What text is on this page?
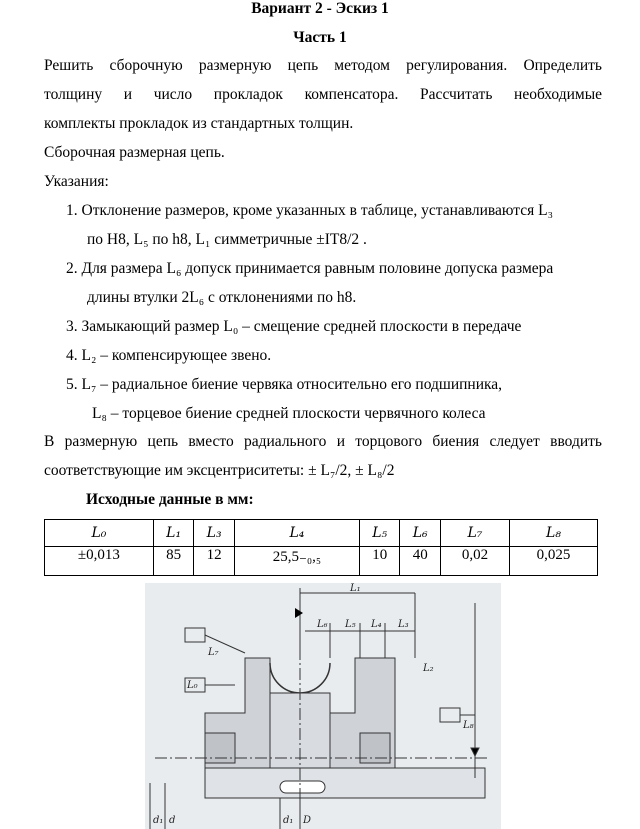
Вариант 2 - Эскиз 1
Часть 1
Решить сборочную размерную цепь методом регулирования. Определить
толщину и число прокладок компенсатора. Рассчитать необходимые
комплекты прокладок из стандартных толщин.
Сборочная размерная цепь.
Указания:
1. Отклонение размеров, кроме указанных в таблице, устанавливаются L₃
по H8, L₅ по h8, L₁ симметричные ±IT8/2 .
2. Для размера L₆ допуск принимается равным половине допуска размера
длины втулки 2L₆ с отклонениями по h8.
3. Замыкающий размер L₀ – смещение средней плоскости в передаче
4. L₂ – компенсирующее звено.
5. L₇ – радиальное биение червяка относительно его подшипника,
L₈ – торцевое биение средней плоскости червячного колеса
В размерную цепь вместо радиального и торцового биения следует вводить
соответствующие им эксцентриситеты: ± L₇/2, ± L₈/2
Исходные данные в мм:
L₀	L₁	L₃	L₄	L₅	L₆	L₇	L₈
±0,013	85	12	25,5₋₀,₅	10	40	0,02	0,025
L₁
L₆ L₅ L₄ L₃
L₂
L₇
L₀
L₈
d₁ d	d₁ D
